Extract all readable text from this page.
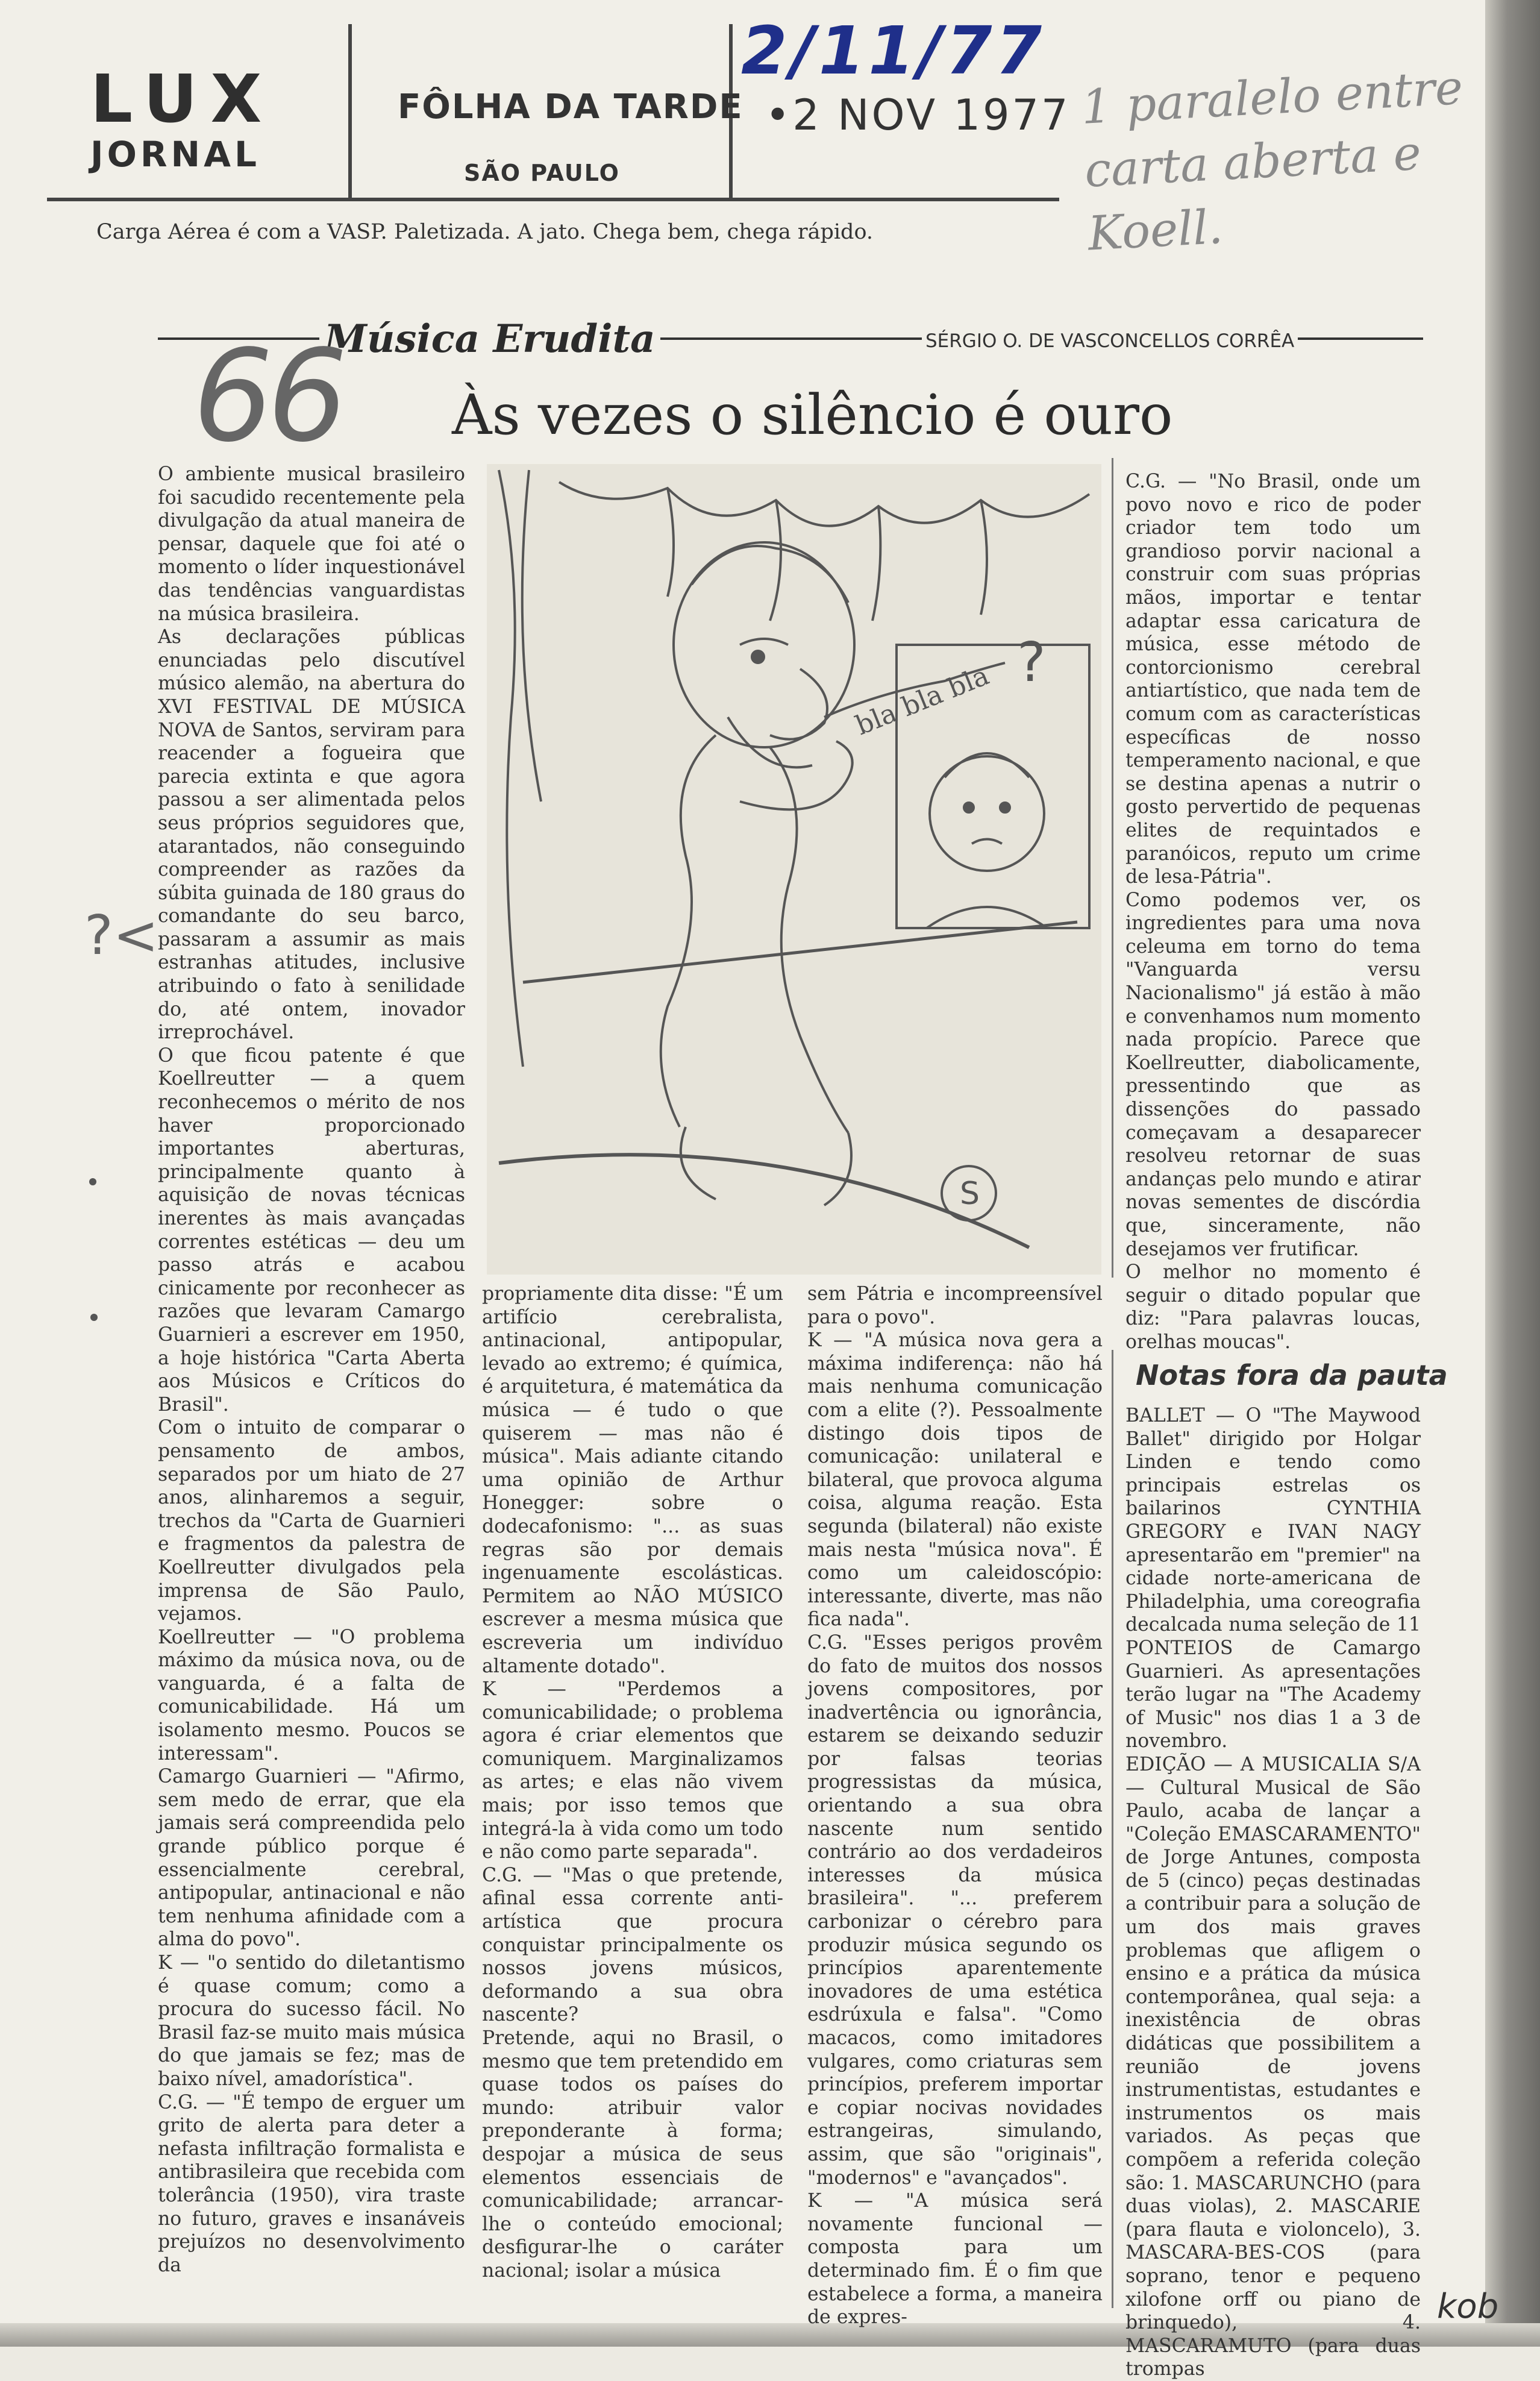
LUX
JORNAL
FÔLHA DA TARDE
SÃO PAULO
2/11/77
•2 NOV 1977 1 paralelo entre carta aberta e Koell.
Carga Aérea é com a VASP. Paletizada. A jato. Chega bem, chega rápido.
Música Erudita	SÉRGIO O. DE VASCONCELLOS CORRÊA
66 Às vezes o silêncio é ouro
?
bla bla bla
S
O ambiente musical brasileiro foi sacudido recentemente pela divulgação da atual maneira de pensar, daquele que foi até o momento o líder inquestionável das tendências vanguardistas na música brasileira.
As declarações públicas enunciadas pelo discutível músico alemão, na abertura do XVI FESTIVAL DE MÚSICA NOVA de Santos, serviram para reacender a fogueira que parecia extinta e que agora passou a ser alimentada pelos seus próprios seguidores que, atarantados, não conseguindo compreender as razões da súbita guinada de 180 graus do comandante do seu barco, passaram a assumir as mais estranhas atitudes, inclusive atribuindo o fato à senilidade do, até ontem, inovador irreprochável.
O que ficou patente é que Koellreutter — a quem reconhecemos o mérito de nos haver proporcionado importantes aberturas, principalmente quanto à aquisição de novas técnicas inerentes às mais avançadas correntes estéticas — deu um passo atrás e acabou cinicamente por reconhecer as razões que levaram Camargo Guarnieri a escrever em 1950, a hoje histórica "Carta Aberta aos Músicos e Críticos do Brasil".
Com o intuito de comparar o pensamento de ambos, separados por um hiato de 27 anos, alinharemos a seguir, trechos da "Carta de Guarnieri e fragmentos da palestra de Koellreutter divulgados pela imprensa de São Paulo, vejamos.
Koellreutter — "O problema máximo da música nova, ou de vanguarda, é a falta de comunicabilidade. Há um isolamento mesmo. Poucos se interessam".
Camargo Guarnieri — "Afirmo, sem medo de errar, que ela jamais será compreendida pelo grande público porque é essencialmente cerebral, antipopular, antinacional e não tem nenhuma afinidade com a alma do povo".
K — "o sentido do diletantismo é quase comum; como a procura do sucesso fácil. No Brasil faz-se muito mais música do que jamais se fez; mas de baixo nível, amadorística".
C.G. — "É tempo de erguer um grito de alerta para deter a nefasta infiltração formalista e antibrasileira que recebida com tolerância (1950), vira traste no futuro, graves e insanáveis prejuízos no desenvolvimento da
propriamente dita disse: "É um artifício cerebralista, antinacional, antipopular, levado ao extremo; é química, é arquitetura, é matemática da música — é tudo o que quiserem — mas não é música". Mais adiante citando uma opinião de Arthur Honegger: sobre o dodecafonismo: "... as suas regras são por demais ingenuamente escolásticas. Permitem ao NÃO MÚSICO escrever a mesma música que escreveria um indivíduo altamente dotado".
K — "Perdemos a comunicabilidade; o problema agora é criar elementos que comuniquem. Marginalizamos as artes; e elas não vivem mais; por isso temos que integrá-la à vida como um todo e não como parte separada".
C.G. — "Mas o que pretende, afinal essa corrente anti-artística que procura conquistar principalmente os nossos jovens músicos, deformando a sua obra nascente?
Pretende, aqui no Brasil, o mesmo que tem pretendido em quase todos os países do mundo: atribuir valor preponderante à forma; despojar a música de seus elementos essenciais de comunicabilidade; arrancar-lhe o conteúdo emocional; desfigurar-lhe o caráter nacional; isolar a música
sem Pátria e incompreensível para o povo".
K — "A música nova gera a máxima indiferença: não há mais nenhuma comunicação com a elite (?). Pessoalmente distingo dois tipos de comunicação: unilateral e bilateral, que provoca alguma coisa, alguma reação. Esta segunda (bilateral) não existe mais nesta "música nova". É como um caleidoscópio: interessante, diverte, mas não fica nada".
C.G. "Esses perigos provêm do fato de muitos dos nossos jovens compositores, por inadvertência ou ignorância, estarem se deixando seduzir por falsas teorias progressistas da música, orientando a sua obra nascente num sentido contrário ao dos verdadeiros interesses da música brasileira". "... preferem carbonizar o cérebro para produzir música segundo os princípios aparentemente inovadores de uma estética esdrúxula e falsa". "Como macacos, como imitadores vulgares, como criaturas sem princípios, preferem importar e copiar nocivas novidades estrangeiras, simulando, assim, que são "originais", "modernos" e "avançados".
K — "A música será novamente funcional — composta para um determinado fim. É o fim que estabelece a forma, a maneira de expres-
C.G. — "No Brasil, onde um povo novo e rico de poder criador tem todo um grandioso porvir nacional a construir com suas próprias mãos, importar e tentar adaptar essa caricatura de música, esse método de contorcionismo cerebral antiartístico, que nada tem de comum com as características específicas de nosso temperamento nacional, e que se destina apenas a nutrir o gosto pervertido de pequenas elites de requintados e paranóicos, reputo um crime de lesa-Pátria".
Como podemos ver, os ingredientes para uma nova celeuma em torno do tema "Vanguarda versu Nacionalismo" já estão à mão e convenhamos num momento nada propício. Parece que Koellreutter, diabolicamente, pressentindo que as dissenções do passado começavam a desaparecer resolveu retornar de suas andanças pelo mundo e atirar novas sementes de discórdia que, sinceramente, não desejamos ver frutificar.
O melhor no momento é seguir o ditado popular que diz: "Para palavras loucas, orelhas moucas".
Notas fora da pauta
BALLET — O "The Maywood Ballet" dirigido por Holgar Linden e tendo como principais estrelas os bailarinos CYNTHIA GREGORY e IVAN NAGY apresentarão em "premier" na cidade norte-americana de Philadelphia, uma coreografia decalcada numa seleção de 11 PONTEIOS de Camargo Guarnieri. As apresentações terão lugar na "The Academy of Music" nos dias 1 a 3 de novembro.
EDIÇÃO — A MUSICALIA S/A — Cultural Musical de São Paulo, acaba de lançar a "Coleção EMASCARAMENTO" de Jorge Antunes, composta de 5 (cinco) peças destinadas a contribuir para a solução de um dos mais graves problemas que afligem o ensino e a prática da música contemporânea, qual seja: a inexistência de obras didáticas que possibilitem a reunião de jovens instrumentistas, estudantes e instrumentos os mais variados. As peças que compõem a referida coleção são: 1. MASCARUNCHO (para duas violas), 2. MASCARIE (para flauta e violoncelo), 3. MASCARA-BES-COS (para soprano, tenor e pequeno xilofone orff ou piano de brinquedo), 4. MASCARAMUTO (para duas trompas
?<
kob
